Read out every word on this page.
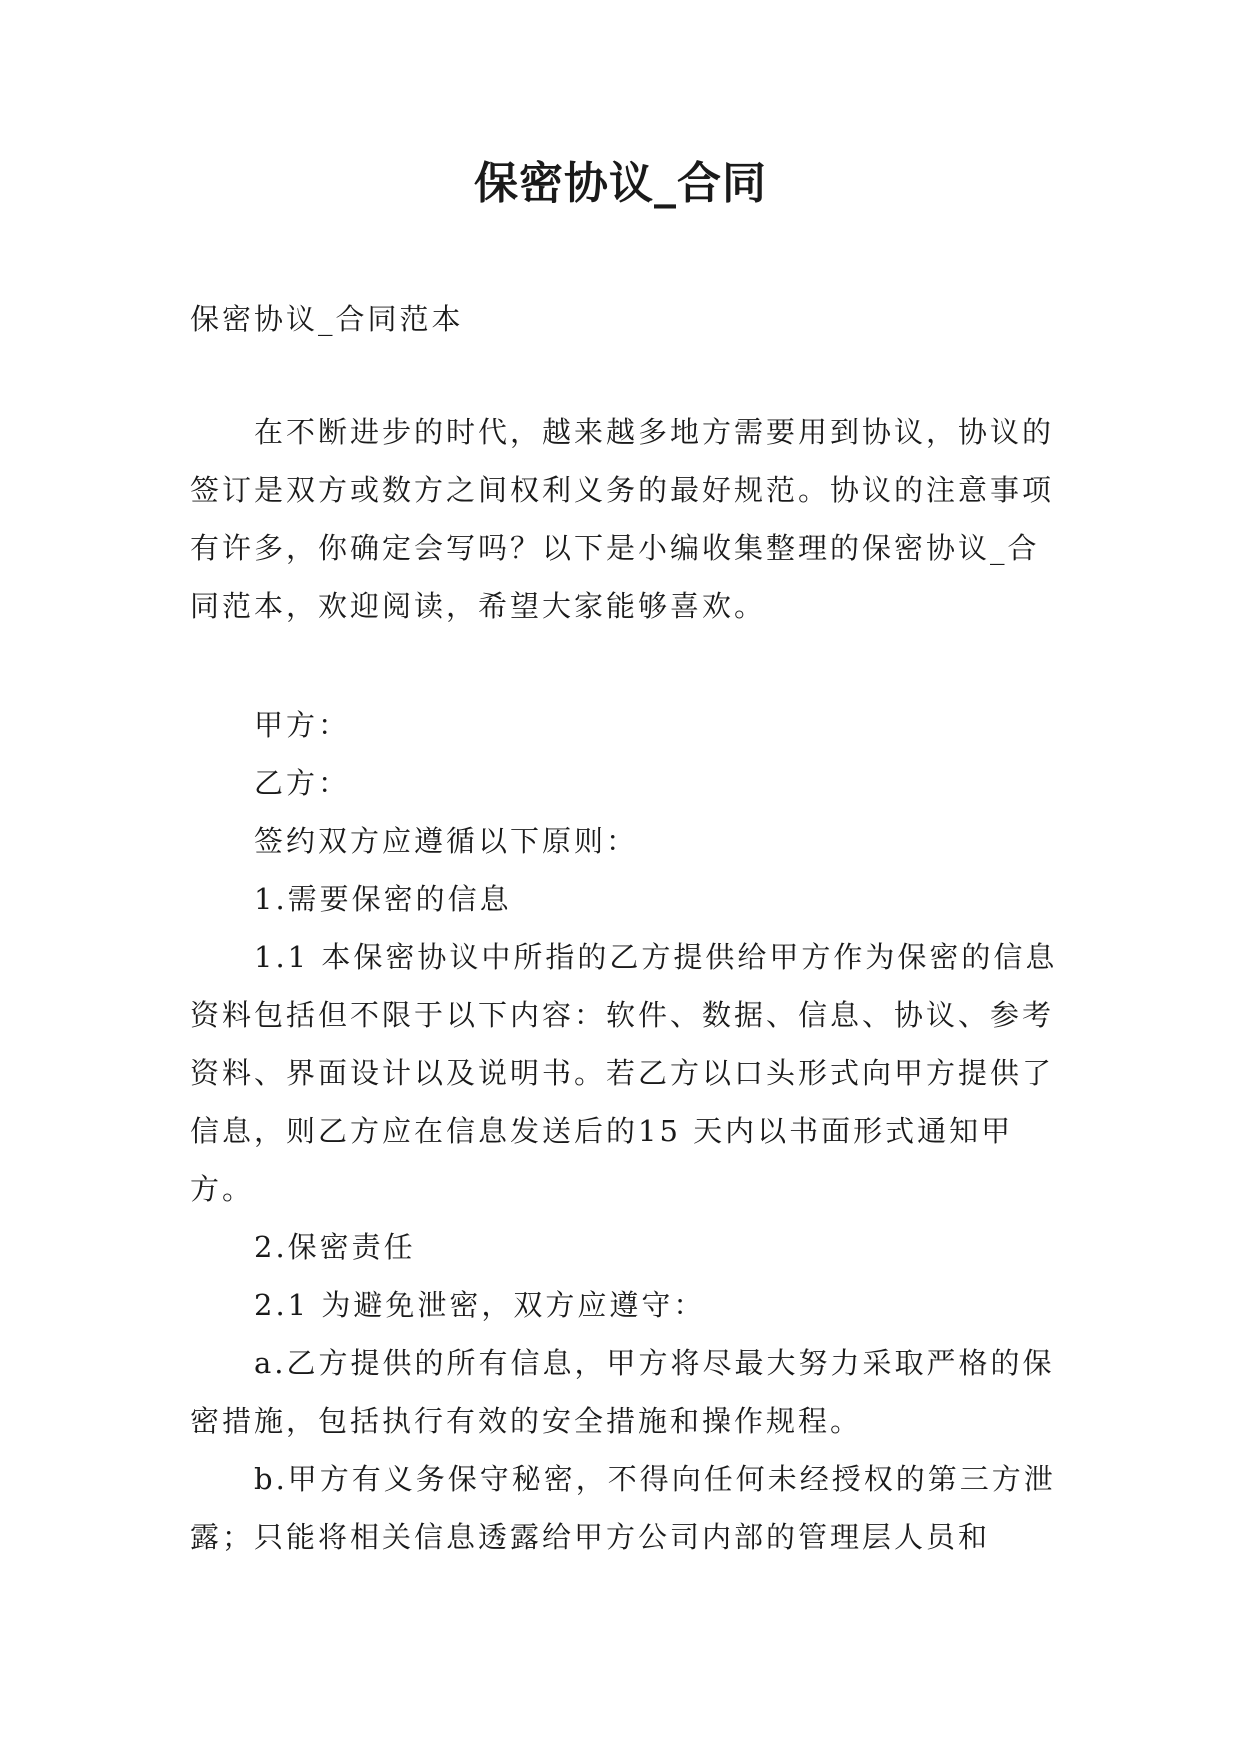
保密协议_合同

保密协议_合同范本

在不断进步的时代，越来越多地方需要用到协议，协议的签订是双方或数方之间权利义务的最好规范。协议的注意事项有许多，你确定会写吗？以下是小编收集整理的保密协议_合同范本，欢迎阅读，希望大家能够喜欢。

甲方：

乙方：

签约双方应遵循以下原则：

1.需要保密的信息

1.1 本保密协议中所指的乙方提供给甲方作为保密的信息资料包括但不限于以下内容：软件、数据、信息、协议、参考资料、界面设计以及说明书。若乙方以口头形式向甲方提供了信息，则乙方应在信息发送后的15 天内以书面形式通知甲方。

2.保密责任

2.1 为避免泄密，双方应遵守：

a.乙方提供的所有信息，甲方将尽最大努力采取严格的保密措施，包括执行有效的安全措施和操作规程。

b.甲方有义务保守秘密，不得向任何未经授权的第三方泄露；只能将相关信息透露给甲方公司内部的管理层人员和
